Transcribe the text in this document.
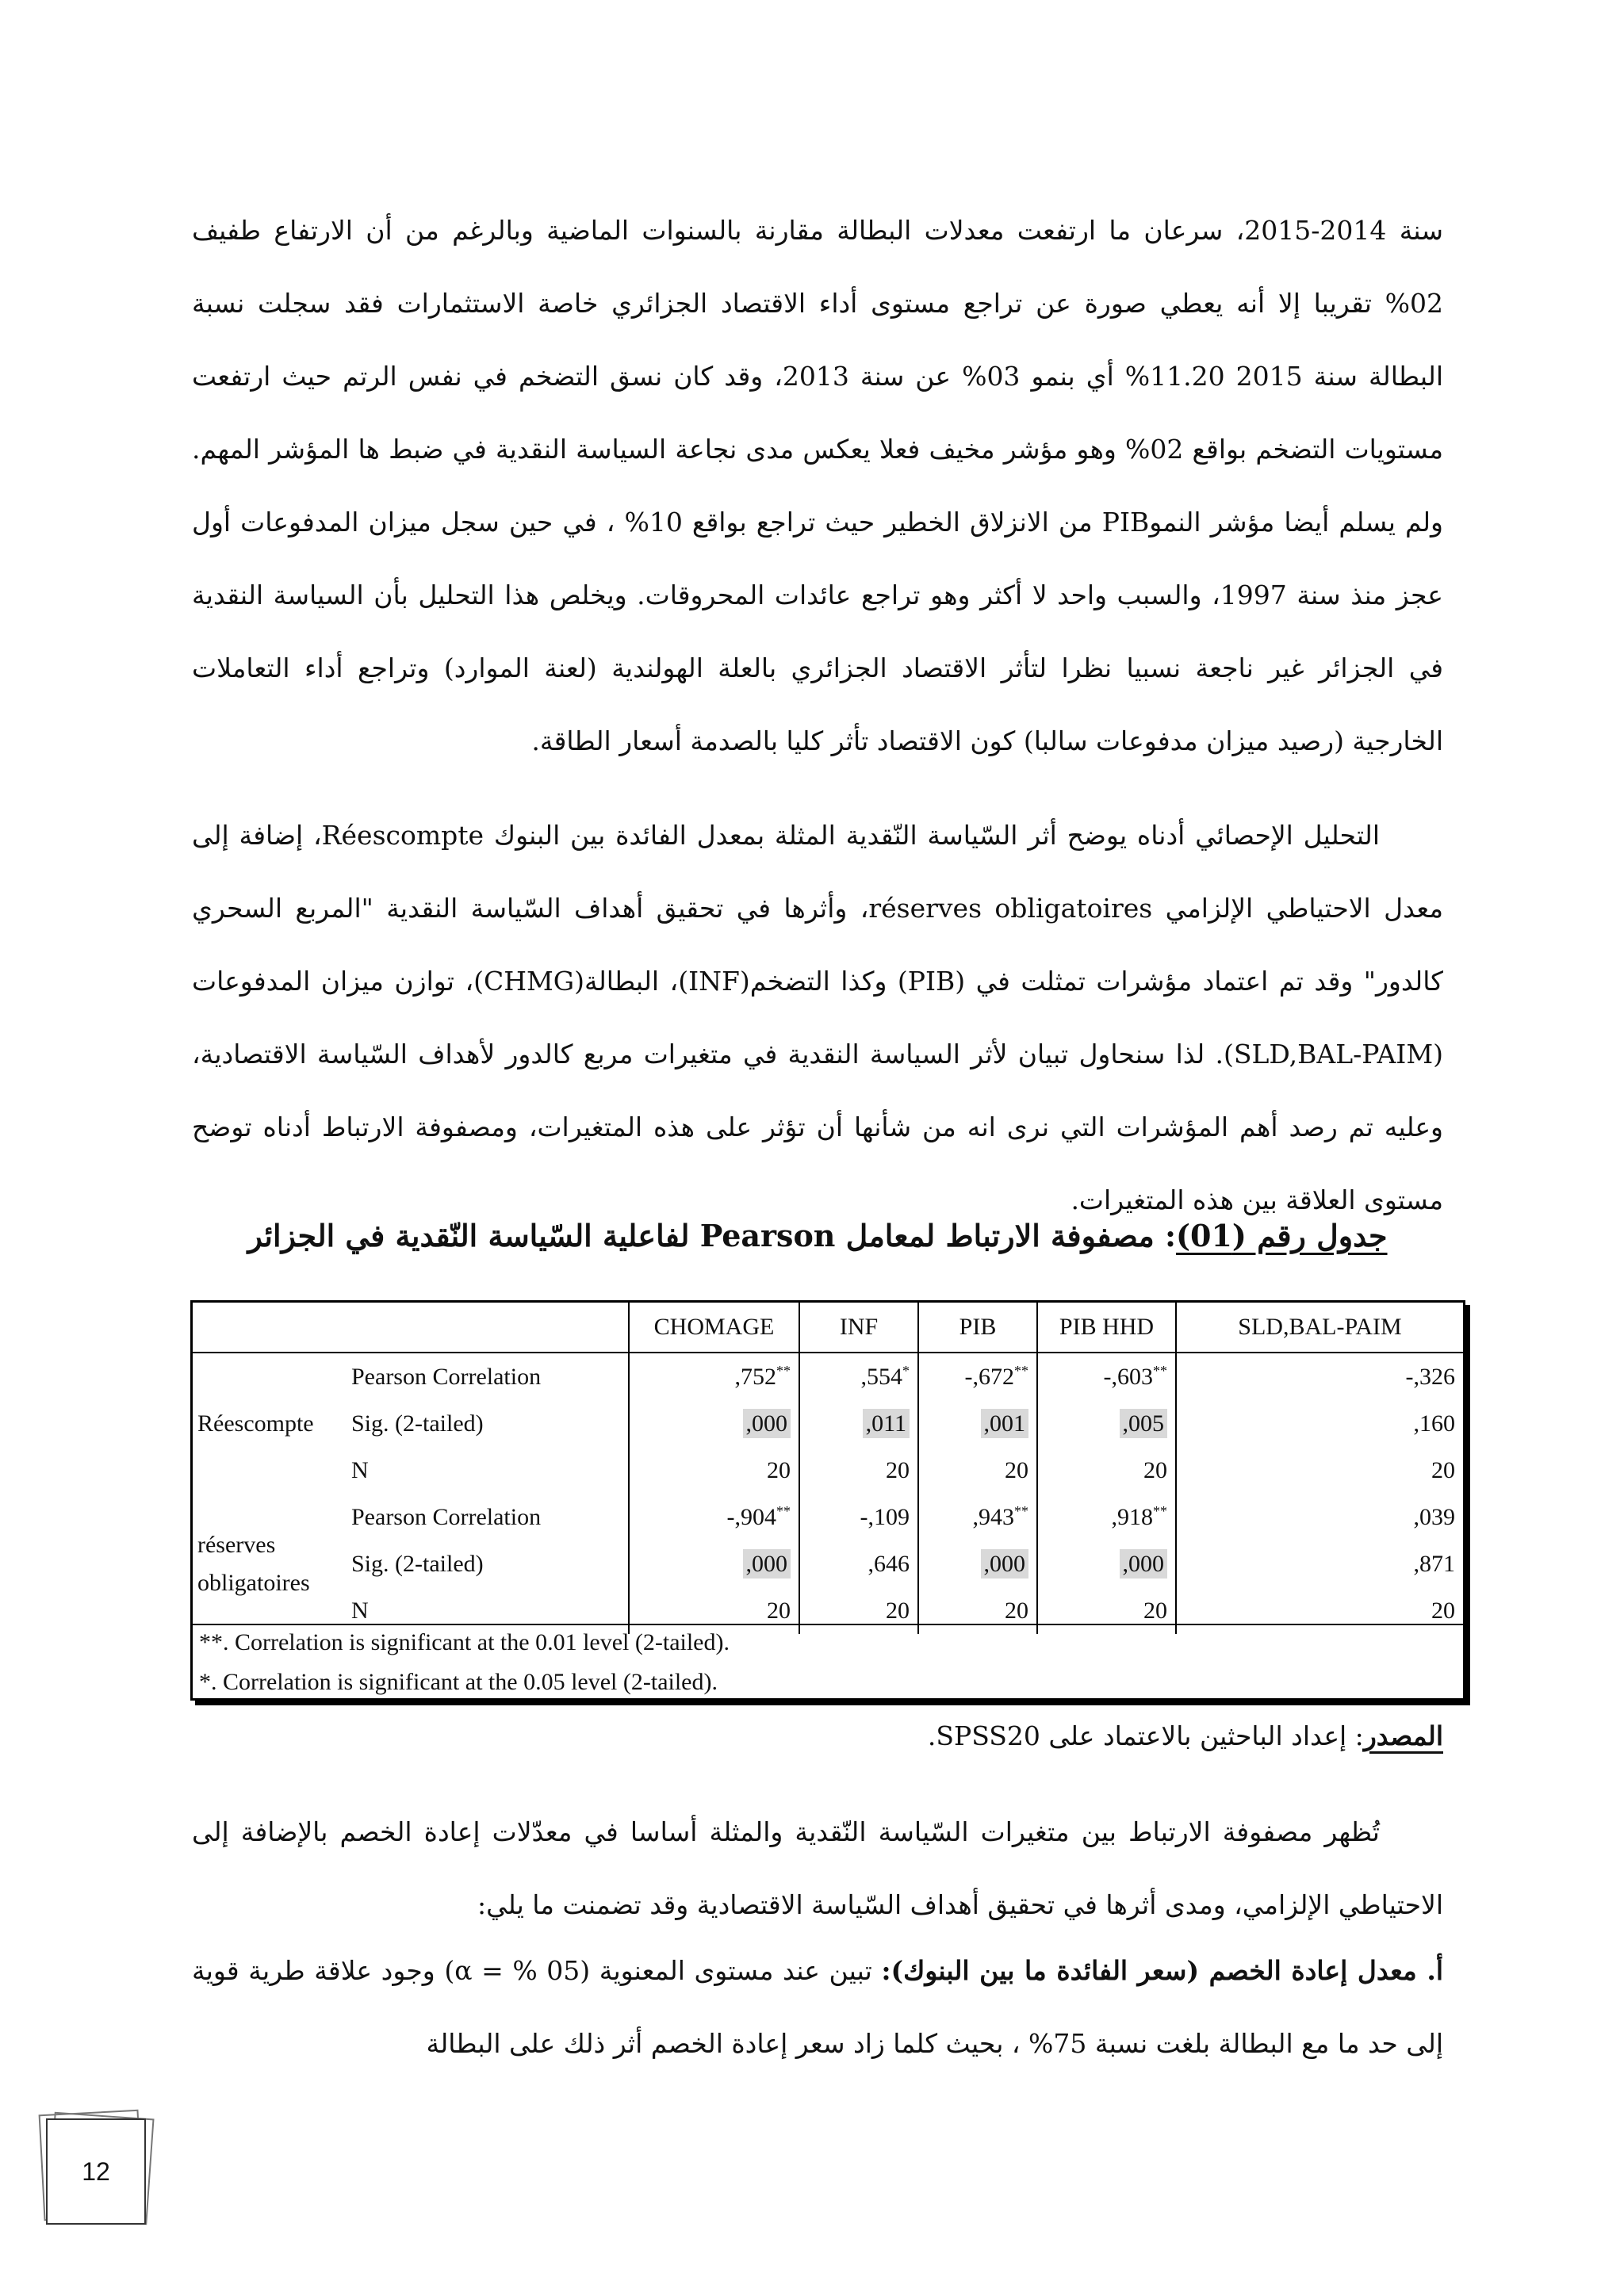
سنة 2014-2015، سرعان ما ارتفعت معدلات البطالة مقارنة بالسنوات الماضية وبالرغم من أن الارتفاع طفيف 02% تقريبا إلا أنه يعطي صورة عن تراجع مستوى أداء الاقتصاد الجزائري خاصة الاستثمارات فقد سجلت نسبة البطالة سنة 2015 11.20% أي بنمو 03% عن سنة 2013، وقد كان نسق التضخم في نفس الرتم حيث ارتفعت مستويات التضخم بواقع 02% وهو مؤشر مخيف فعلا يعكس مدى نجاعة السياسة النقدية في ضبط ها المؤشر المهم. ولم يسلم أيضا مؤشر النموPIB من الانزلاق الخطير حيث تراجع بواقع 10% ، في حين سجل ميزان المدفوعات أول عجز منذ سنة 1997، والسبب واحد لا أكثر وهو تراجع عائدات المحروقات. ويخلص هذا التحليل بأن السياسة النقدية في الجزائر غير ناجعة نسبيا نظرا لتأثر الاقتصاد الجزائري بالعلة الهولندية (لعنة الموارد) وتراجع أداء التعاملات الخارجية (رصيد ميزان مدفوعات سالبا) كون الاقتصاد تأثر كليا بالصدمة أسعار الطاقة.

التحليل الإحصائي أدناه يوضح أثر السّياسة النّقدية المثلة بمعدل الفائدة بين البنوك Réescompte، إضافة إلى معدل الاحتياطي الإلزامي réserves obligatoires، وأثرها في تحقيق أهداف السّياسة النقدية "المربع السحري كالدور" وقد تم اعتماد مؤشرات تمثلت في (PIB) وكذا التضخم(INF)، البطالة(CHMG)، توازن ميزان المدفوعات (SLD,BAL-PAIM). لذا سنحاول تبيان لأثر السياسة النقدية في متغيرات مربع كالدور لأهداف السّياسة الاقتصادية، وعليه تم رصد أهم المؤشرات التي نرى انه من شأنها أن تؤثر على هذه المتغيرات، ومصفوفة الارتباط أدناه توضح مستوى العلاقة بين هذه المتغيرات.

جدول رقم (01): مصفوفة الارتباط لمعامل Pearson لفاعلية السّياسة النّقدية في الجزائر
		CHOMAGE	INF	PIB	PIB HHD	SLD,BAL-PAIM
Réescompte	Pearson Correlation	,752**	,554*	-,672**	-,603**	-,326
	Sig. (2-tailed)	,000	,011	,001	,005	,160
	N	20	20	20	20	20
réserves obligatoires	Pearson Correlation	-,904**	-,109	,943**	,918**	,039
	Sig. (2-tailed)	,000	,646	,000	,000	,871
	N	20	20	20	20	20
**. Correlation is significant at the 0.01 level (2-tailed).
*. Correlation is significant at the 0.05 level (2-tailed).
المصدر: إعداد الباحثين بالاعتماد على SPSS20.

تُظهر مصفوفة الارتباط بين متغيرات السّياسة النّقدية والمثلة أساسا في معدّلات إعادة الخصم بالإضافة إلى الاحتياطي الإلزامي، ومدى أثرها في تحقيق أهداف السّياسة الاقتصادية وقد تضمنت ما يلي:

أ. معدل إعادة الخصم (سعر الفائدة ما بين البنوك): تبين عند مستوى المعنوية (05 % = α) وجود علاقة طرية قوية إلى حد ما مع البطالة بلغت نسبة 75% ، بحيث كلما زاد سعر إعادة الخصم أثر ذلك على البطالة

12
